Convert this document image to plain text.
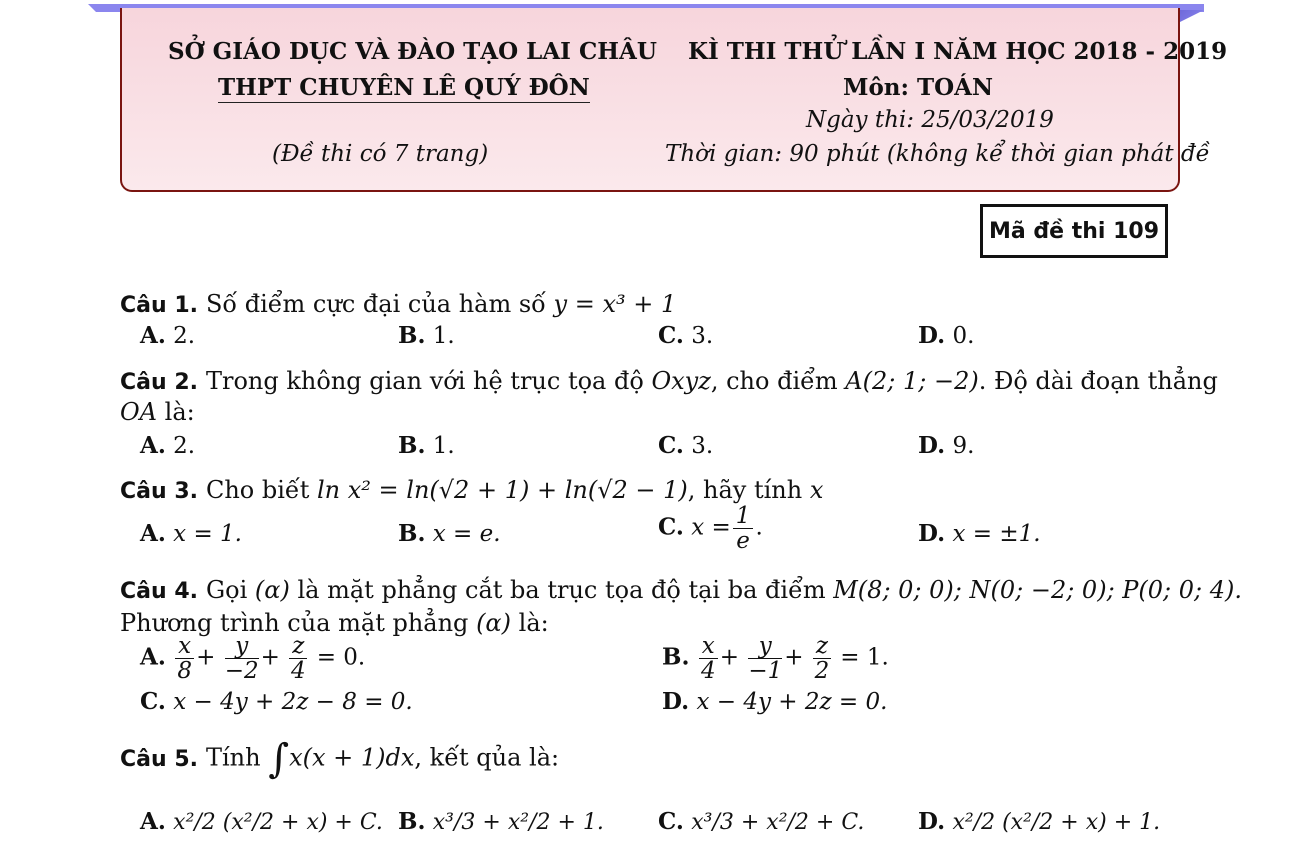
SỞ GIÁO DỤC VÀ ĐÀO TẠO LAI CHÂU
THPT CHUYÊN LÊ QUÝ ĐÔN
(Đề thi có 7 trang)
KÌ THI THỬ LẦN I NĂM HỌC 2018 - 2019
Môn: TOÁN
Ngày thi: 25/03/2019
Thời gian: 90 phút (không kể thời gian phát đề
Mã đề thi 109
Câu 1. Số điểm cực đại của hàm số y = x³ + 1
A. 2.	B. 1.	C. 3.	D. 0.
Câu 2. Trong không gian với hệ trục tọa độ Oxyz, cho điểm A(2; 1; −2). Độ dài đoạn thẳng
OA là:
A. 2.	B. 1.	C. 3.	D. 9.
Câu 3. Cho biết ln x² = ln(√2 + 1) + ln(√2 − 1), hãy tính x
A. x = 1.	B. x = e.	C. $x = \frac{1}{e}$ .	D. x = ±1.
Câu 4. Gọi (α) là mặt phẳng cắt ba trục tọa độ tại ba điểm M(8; 0; 0); N(0; −2; 0); P(0; 0; 4).
Phương trình của mặt phẳng (α) là:
A. $\frac{x}{8} + \frac{y}{-2} + \frac{z}{4} = 0$.	B. $\frac{x}{4} + \frac{y}{-1} + \frac{z}{2} = 1$.
C. x − 4y + 2z − 8 = 0.	D. x − 4y + 2z = 0.
Câu 5. Tính ∫x(x + 1)dx, kết qủa là:
A. x²/2 (x²/2 + x) + C. B. x³/3 + x²/2 + 1. C. x³/3 + x²/2 + C. D. x²/2 (x²/2 + x) + 1.
